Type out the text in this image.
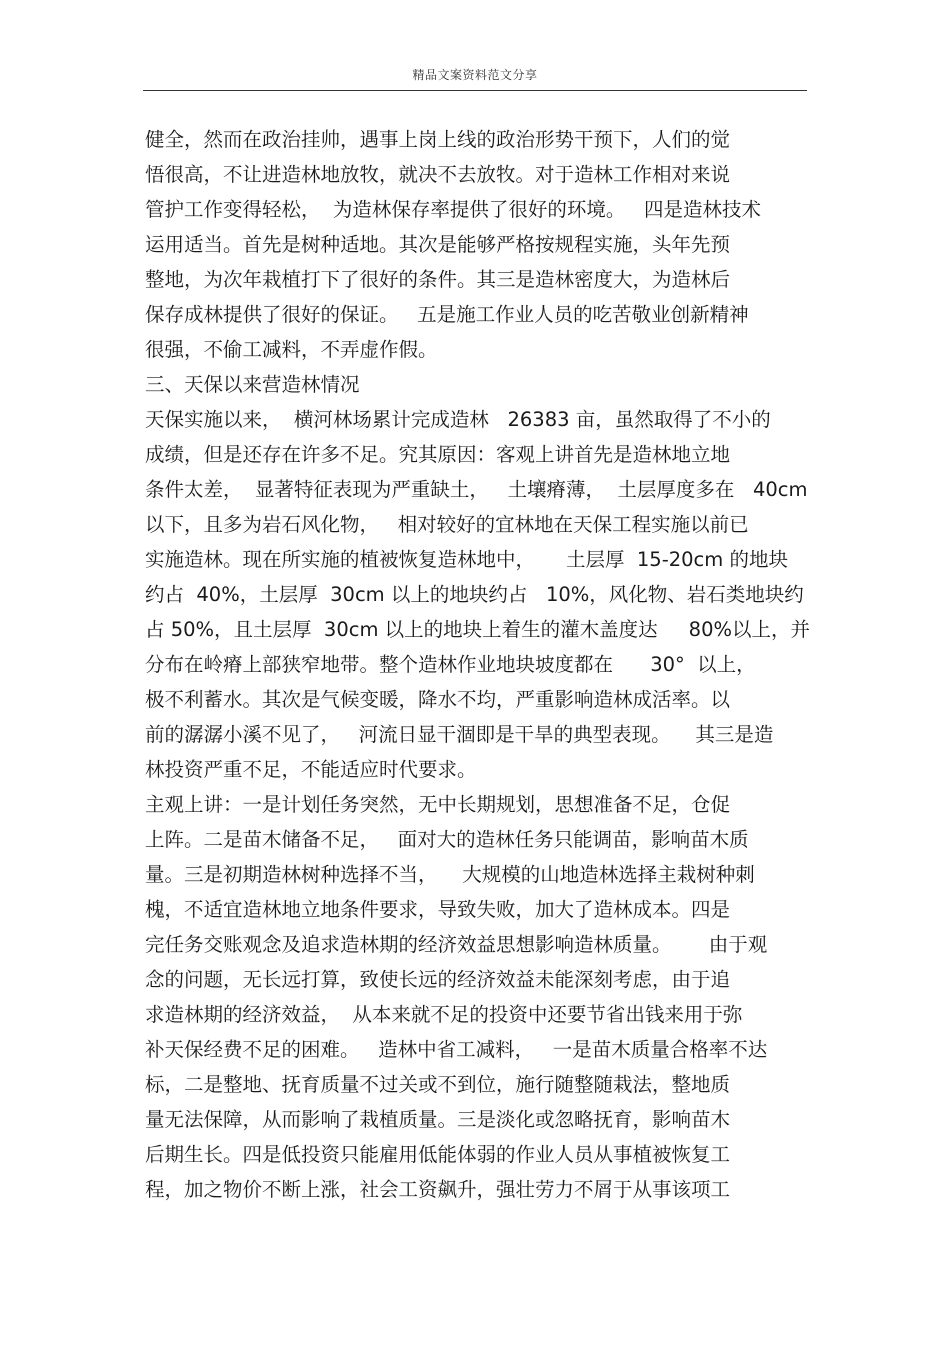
精品文案资料范文分享
健全，然而在政治挂帅，遇事上岗上线的政治形势干预下，人们的觉
悟很高，不让进造林地放牧，就决不去放牧。对于造林工作相对来说
管护工作变得轻松，  为造林保存率提供了很好的环境。   四是造林技术
运用适当。首先是树种适地。其次是能够严格按规程实施，头年先预
整地，为次年栽植打下了很好的条件。其三是造林密度大，为造林后
保存成林提供了很好的保证。   五是施工作业人员的吃苦敬业创新精神
很强，不偷工减料，不弄虚作假。
三、天保以来营造林情况
天保实施以来，  横河林场累计完成造林   26383 亩，虽然取得了不小的
成绩，但是还存在许多不足。究其原因：客观上讲首先是造林地立地
条件太差，  显著特征表现为严重缺土，   土壤瘠薄，  土层厚度多在   40cm
以下，且多为岩石风化物，   相对较好的宜林地在天保工程实施以前已
实施造林。现在所实施的植被恢复造林地中，     土层厚  15-20cm 的地块
约占  40%，土层厚  30cm 以上的地块约占   10%，风化物、岩石类地块约
占 50%，且土层厚  30cm 以上的地块上着生的灌木盖度达     80%以上，并
分布在岭瘠上部狭窄地带。整个造林作业地块坡度都在      30°  以上，
极不利蓄水。其次是气候变暖，降水不均，严重影响造林成活率。以
前的潺潺小溪不见了，   河流日显干涸即是干旱的典型表现。    其三是造
林投资严重不足，不能适应时代要求。
主观上讲：一是计划任务突然，无中长期规划，思想准备不足，仓促
上阵。二是苗木储备不足，   面对大的造林任务只能调苗，影响苗木质
量。三是初期造林树种选择不当，    大规模的山地造林选择主栽树种刺
槐，不适宜造林地立地条件要求，导致失败，加大了造林成本。四是
完任务交账观念及追求造林期的经济效益思想影响造林质量。      由于观
念的问题，无长远打算，致使长远的经济效益未能深刻考虑，由于追
求造林期的经济效益，  从本来就不足的投资中还要节省出钱来用于弥
补天保经费不足的困难。   造林中省工减料，   一是苗木质量合格率不达
标，二是整地、抚育质量不过关或不到位，施行随整随栽法，整地质
量无法保障，从而影响了栽植质量。三是淡化或忽略抚育，影响苗木
后期生长。四是低投资只能雇用低能体弱的作业人员从事植被恢复工
程，加之物价不断上涨，社会工资飙升，强壮劳力不屑于从事该项工
